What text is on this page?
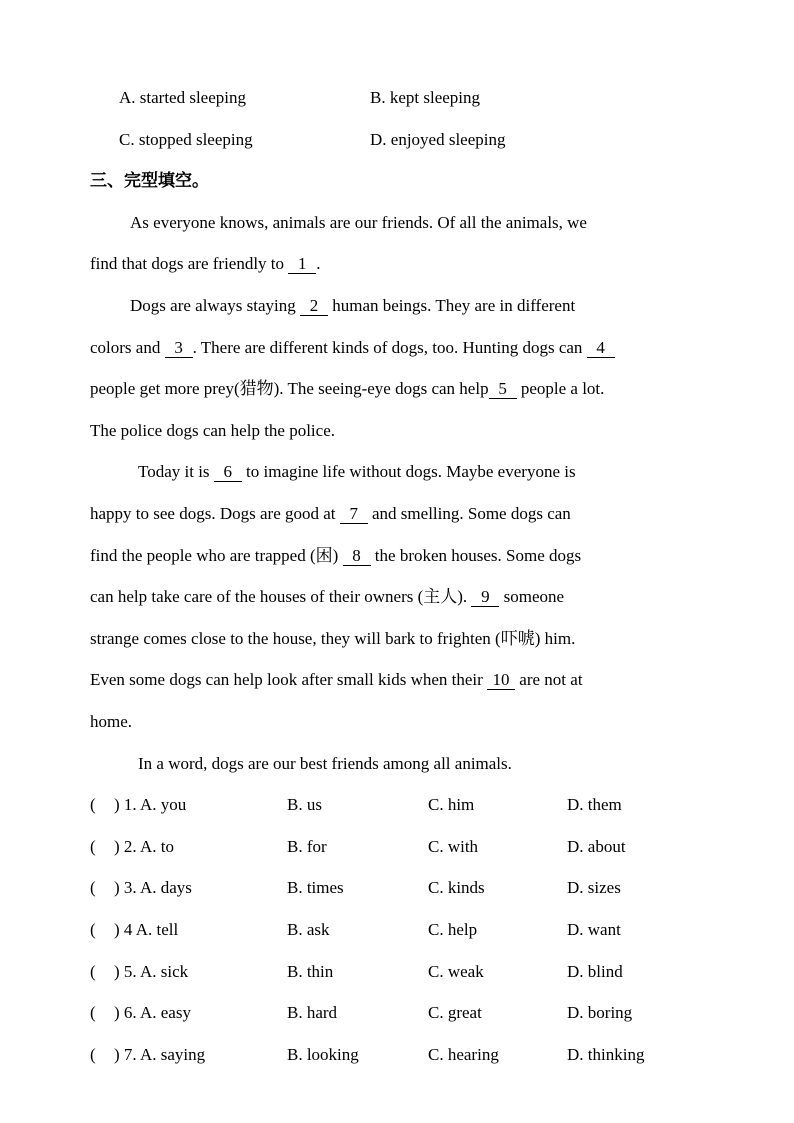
A. started sleeping	B. kept sleeping
C. stopped sleeping	D. enjoyed sleeping
三、完型填空。
As everyone knows, animals are our friends. Of all the animals, we
find that dogs are friendly to 1 .
Dogs are always staying 2 human beings. They are in different
colors and 3 . There are different kinds of dogs, too. Hunting dogs can 4
people get more prey(猎物). The seeing-eye dogs can help 5 people a lot.
The police dogs can help the police.
Today it is 6 to imagine life without dogs. Maybe everyone is
happy to see dogs. Dogs are good at 7 and smelling. Some dogs can
find the people who are trapped (困) 8 the broken houses. Some dogs
can help take care of the houses of their owners (主人). 9 someone
strange comes close to the house, they will bark to frighten (吓唬) him.
Even some dogs can help look after small kids when their 10 are not at
home.
In a word, dogs are our best friends among all animals.
( ) 1. A. you	B. us	C. him	D. them
( ) 2. A. to	B. for	C. with	D. about
( ) 3. A. days	B. times	C. kinds	D. sizes
( ) 4 A. tell	B. ask	C. help	D. want
( ) 5. A. sick	B. thin	C. weak	D. blind
( ) 6. A. easy	B. hard	C. great	D. boring
( ) 7. A. saying	B. looking	C. hearing	D. thinking
